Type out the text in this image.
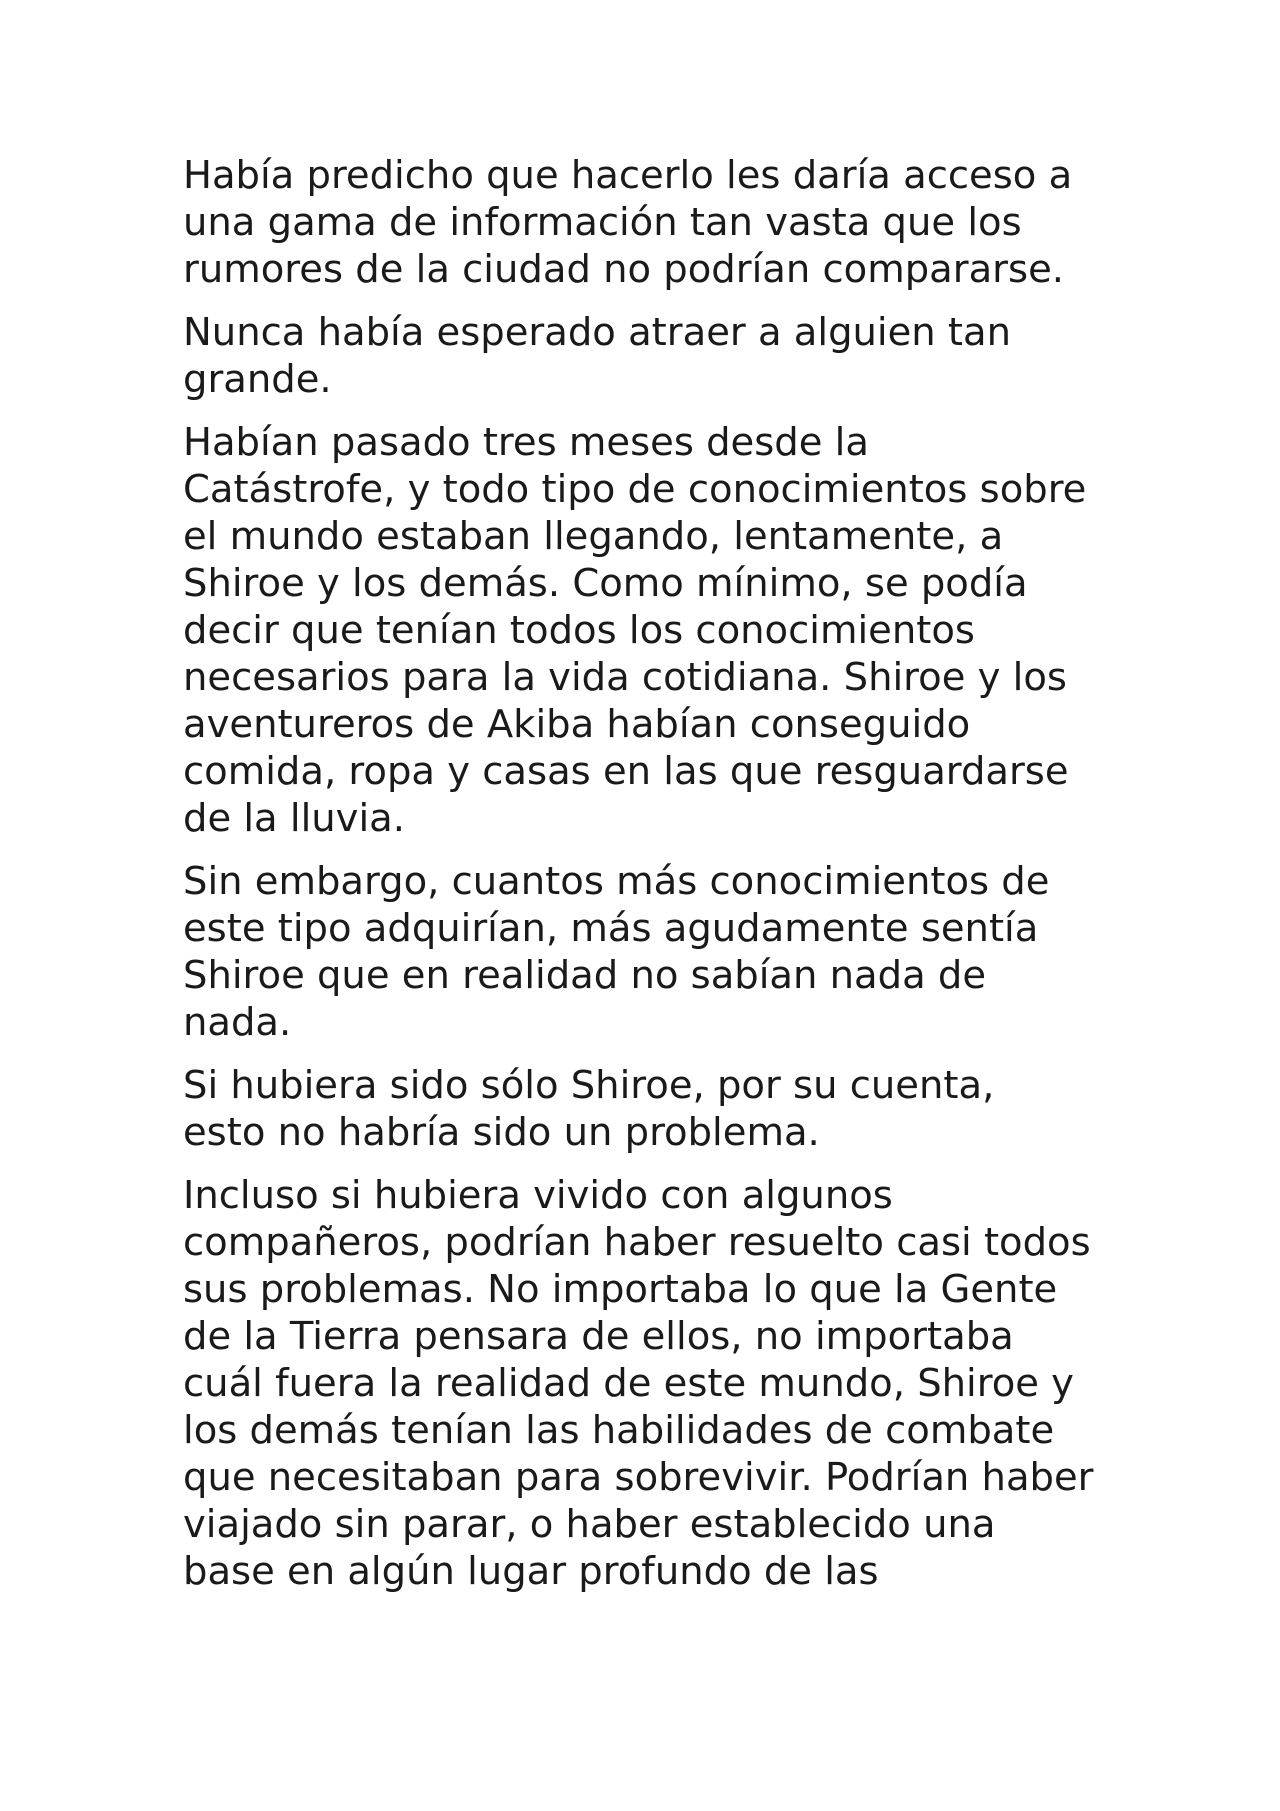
Había predicho que hacerlo les daría acceso a
una gama de información tan vasta que los
rumores de la ciudad no podrían compararse.

Nunca había esperado atraer a alguien tan
grande.

Habían pasado tres meses desde la
Catástrofe, y todo tipo de conocimientos sobre
el mundo estaban llegando, lentamente, a
Shiroe y los demás. Como mínimo, se podía
decir que tenían todos los conocimientos
necesarios para la vida cotidiana. Shiroe y los
aventureros de Akiba habían conseguido
comida, ropa y casas en las que resguardarse
de la lluvia.

Sin embargo, cuantos más conocimientos de
este tipo adquirían, más agudamente sentía
Shiroe que en realidad no sabían nada de
nada.

Si hubiera sido sólo Shiroe, por su cuenta,
esto no habría sido un problema.

Incluso si hubiera vivido con algunos
compañeros, podrían haber resuelto casi todos
sus problemas. No importaba lo que la Gente
de la Tierra pensara de ellos, no importaba
cuál fuera la realidad de este mundo, Shiroe y
los demás tenían las habilidades de combate
que necesitaban para sobrevivir. Podrían haber
viajado sin parar, o haber establecido una
base en algún lugar profundo de las
